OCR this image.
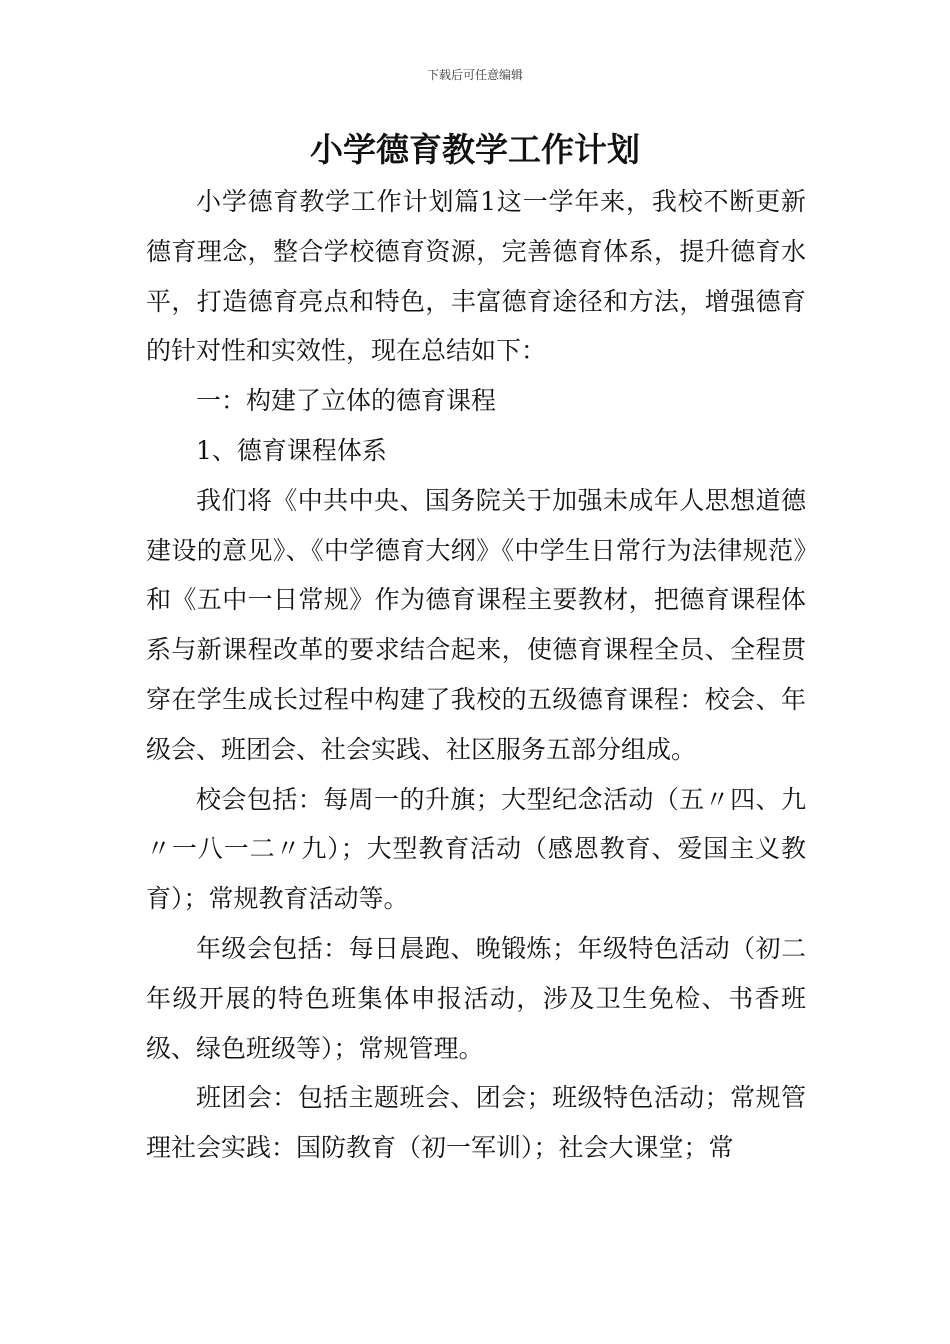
下载后可任意编辑
小学德育教学工作计划

小学德育教学工作计划篇1这一学年来，我校不断更新德育理念，整合学校德育资源，完善德育体系，提升德育水平，打造德育亮点和特色，丰富德育途径和方法，增强德育的针对性和实效性，现在总结如下：

一：构建了立体的德育课程

1、德育课程体系

我们将《中共中央、国务院关于加强未成年人思想道德建设的意见》、《中学德育大纲》《中学生日常行为法律规范》和《五中一日常规》作为德育课程主要教材，把德育课程体系与新课程改革的要求结合起来，使德育课程全员、全程贯穿在学生成长过程中构建了我校的五级德育课程：校会、年级会、班团会、社会实践、社区服务五部分组成。

校会包括：每周一的升旗；大型纪念活动（五〃四、九〃一八一二〃九）；大型教育活动（感恩教育、爱国主义教育）；常规教育活动等。

年级会包括：每日晨跑、晚锻炼；年级特色活动（初二年级开展的特色班集体申报活动，涉及卫生免检、书香班级、绿色班级等）；常规管理。

班团会：包括主题班会、团会；班级特色活动；常规管理社会实践：国防教育（初一军训）；社会大课堂；常
